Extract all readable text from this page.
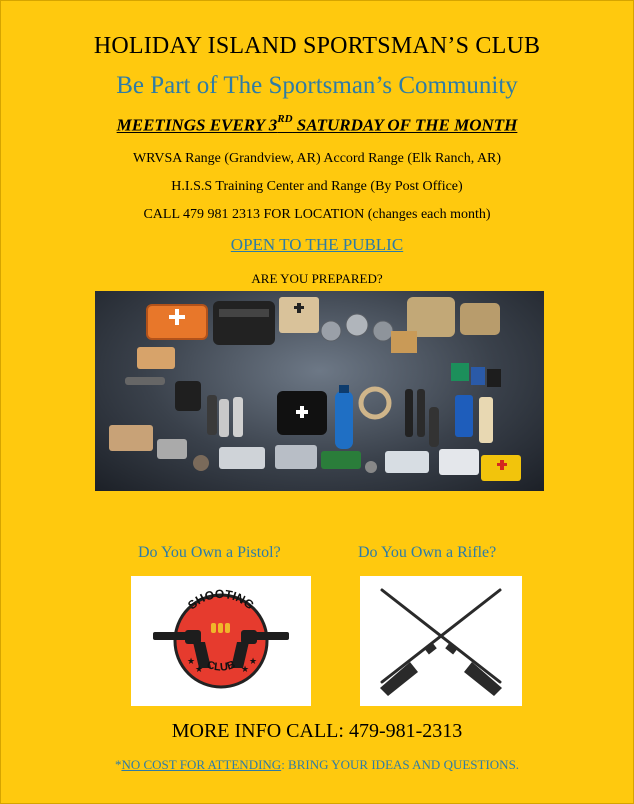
HOLIDAY ISLAND SPORTSMAN’S CLUB
Be Part of The Sportsman’s Community
MEETINGS EVERY 3RD SATURDAY OF THE MONTH
WRVSA Range (Grandview, AR) Accord Range (Elk Ranch, AR)
H.I.S.S Training Center and Range (By Post Office)
CALL 479 981 2313 FOR LOCATION (changes each month)
OPEN TO THE PUBLIC
ARE YOU PREPARED?
Do You Own a Pistol?	Do You Own a Rifle?
SHOOTING
CLUB
★	★
★	★
MORE INFO CALL: 479-981-2313
*NO COST FOR ATTENDING: BRING YOUR IDEAS AND QUESTIONS.
